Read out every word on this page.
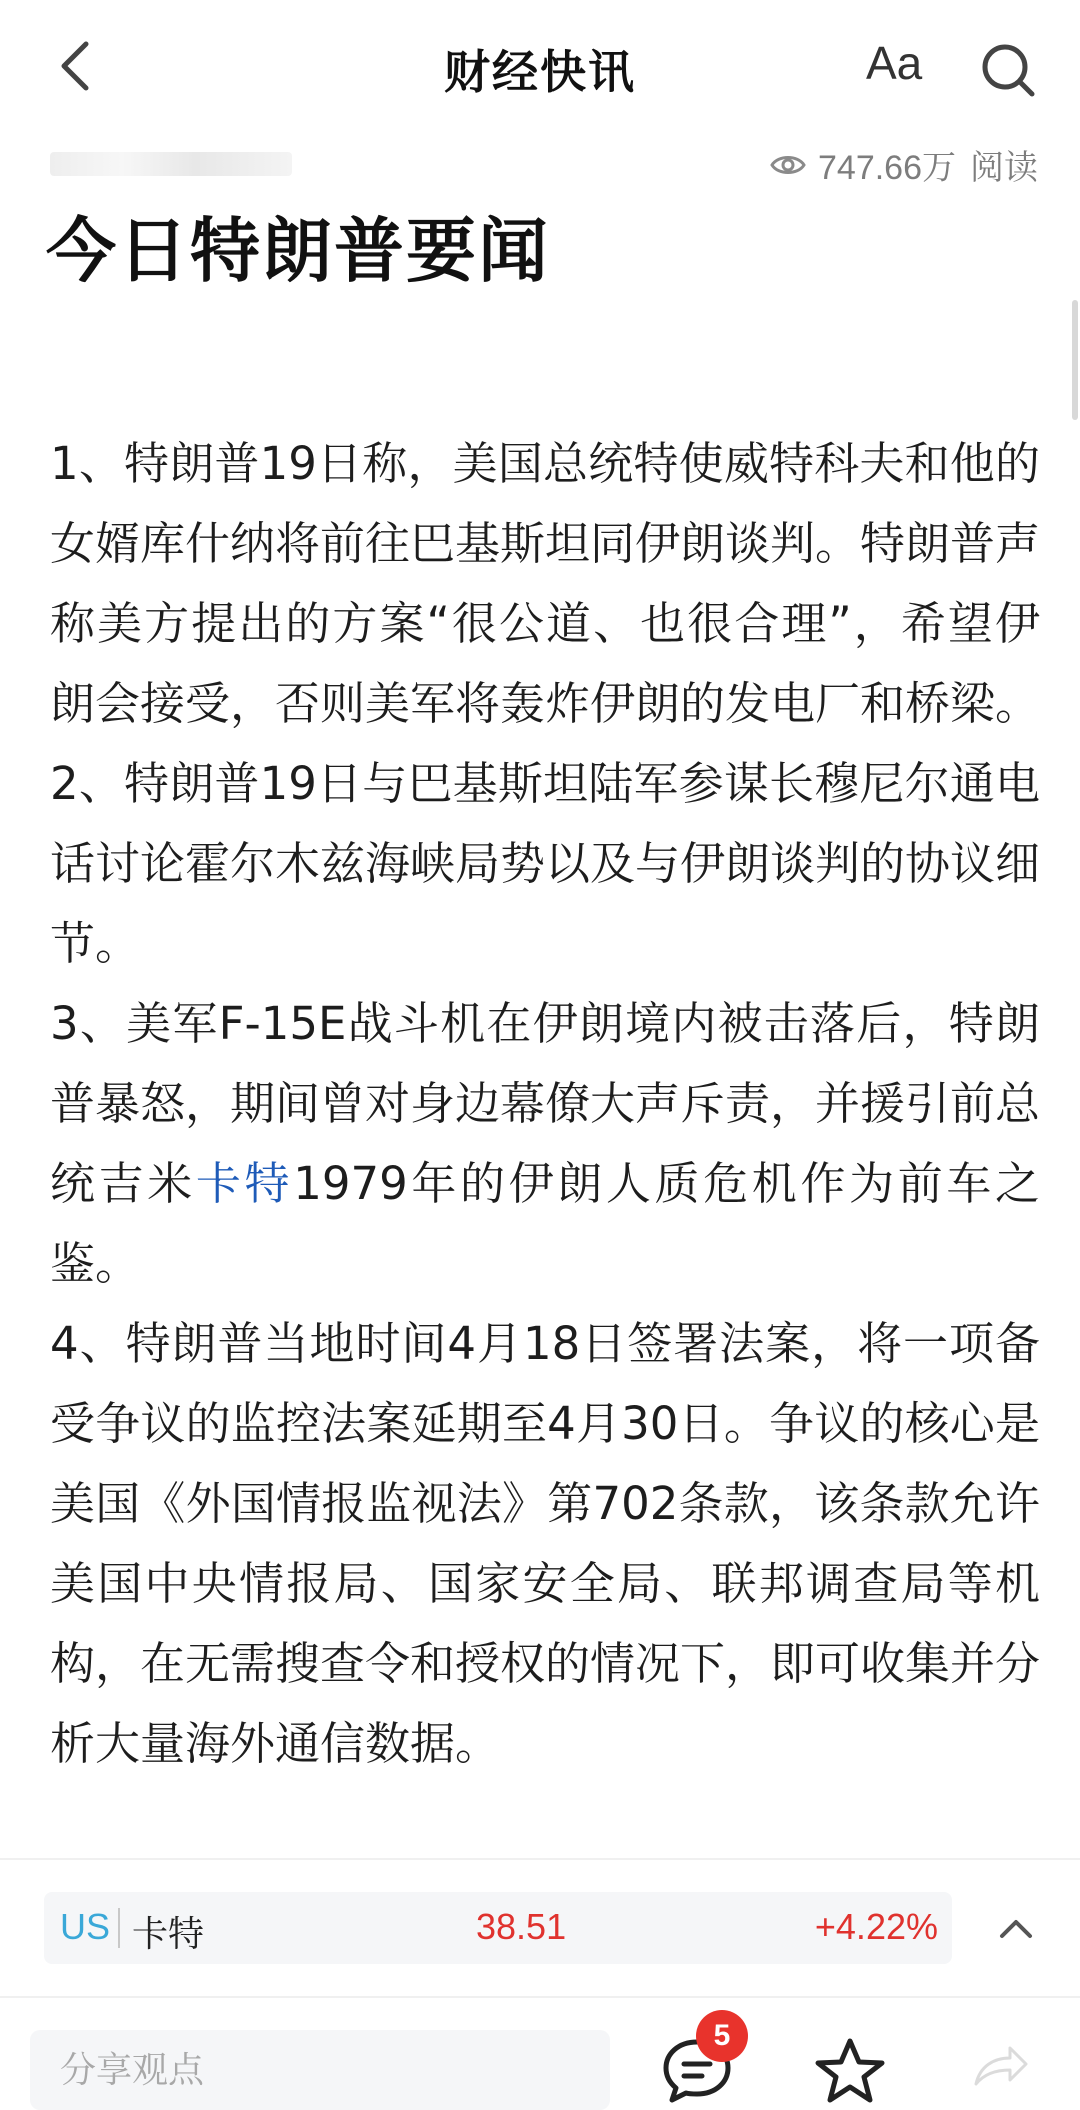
财经快讯	Aa
747.66万 阅读
今日特朗普要闻

1、特朗普19日称，美国总统特使威特科夫和他的女婿库什纳将前往巴基斯坦同伊朗谈判。特朗普声称美方提出的方案“很公道、也很合理”，希望伊朗会接受，否则美军将轰炸伊朗的发电厂和桥梁。

2、特朗普19日与巴基斯坦陆军参谋长穆尼尔通电话讨论霍尔木兹海峡局势以及与伊朗谈判的协议细节。

3、美军F-15E战斗机在伊朗境内被击落后，特朗普暴怒，期间曾对身边幕僚大声斥责，并援引前总统吉米卡特1979年的伊朗人质危机作为前车之鉴。

4、特朗普当地时间4月18日签署法案，将一项备受争议的监控法案延期至4月30日。争议的核心是美国《外国情报监视法》第702条款，该条款允许美国中央情报局、国家安全局、联邦调查局等机构，在无需搜查令和授权的情况下，即可收集并分析大量海外通信数据。

US 卡特	38.51	+4.22%
分享观点
5
